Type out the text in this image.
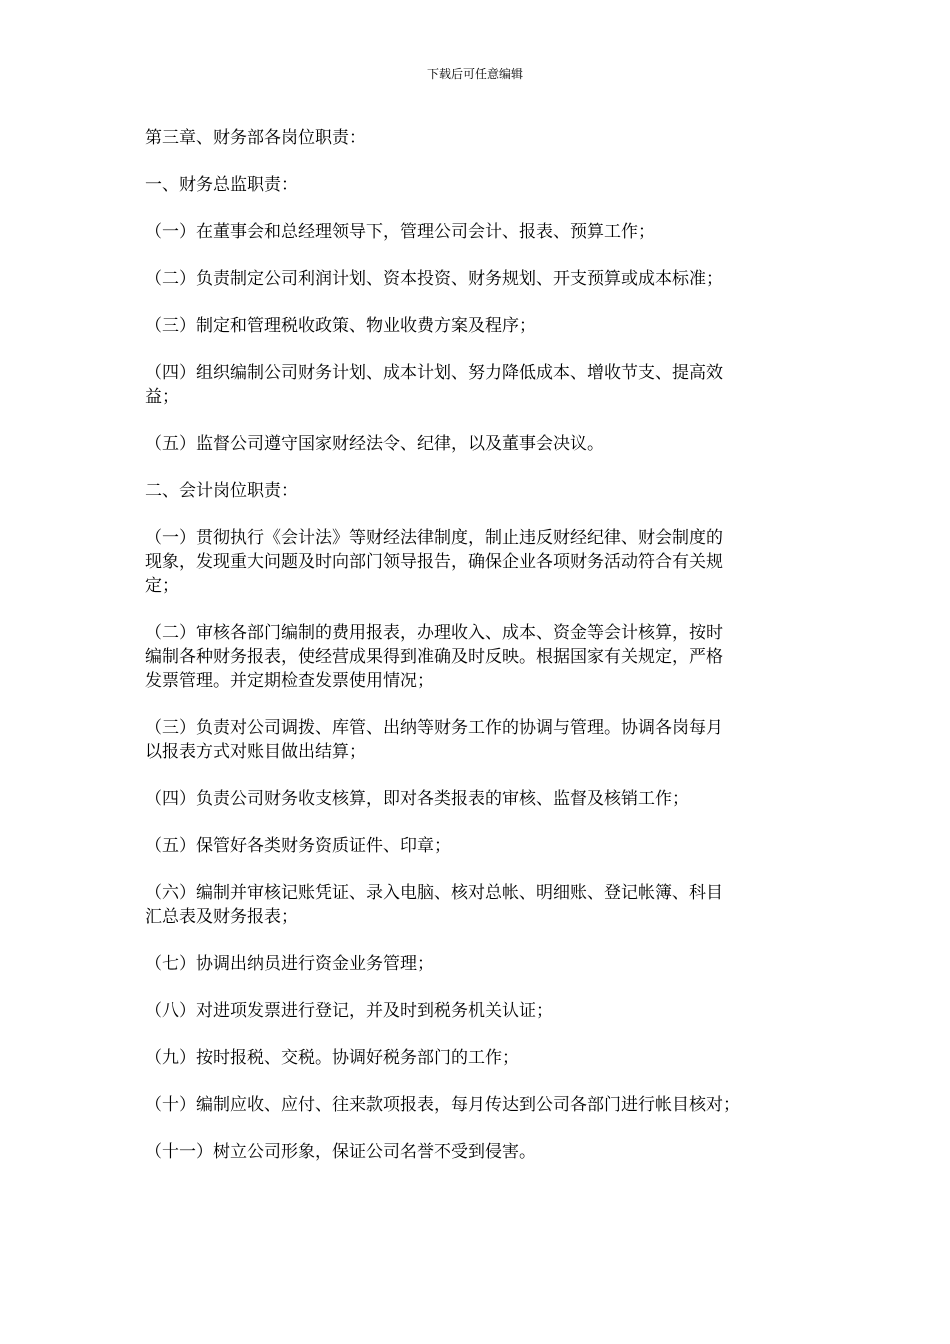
下载后可任意编辑
第三章、财务部各岗位职责：
一、财务总监职责：
（一）在董事会和总经理领导下，管理公司会计、报表、预算工作；
（二）负责制定公司利润计划、资本投资、财务规划、开支预算或成本标准；
（三）制定和管理税收政策、物业收费方案及程序；
（四）组织编制公司财务计划、成本计划、努力降低成本、增收节支、提高效
益；
（五）监督公司遵守国家财经法令、纪律，以及董事会决议。
二、会计岗位职责：
（一）贯彻执行《会计法》等财经法律制度，制止违反财经纪律、财会制度的
现象，发现重大问题及时向部门领导报告，确保企业各项财务活动符合有关规
定；
（二）审核各部门编制的费用报表，办理收入、成本、资金等会计核算，按时
编制各种财务报表，使经营成果得到准确及时反映。根据国家有关规定，严格
发票管理。并定期检查发票使用情况；
（三）负责对公司调拨、库管、出纳等财务工作的协调与管理。协调各岗每月
以报表方式对账目做出结算；
（四）负责公司财务收支核算，即对各类报表的审核、监督及核销工作；
（五）保管好各类财务资质证件、印章；
（六）编制并审核记账凭证、录入电脑、核对总帐、明细账、登记帐簿、科目
汇总表及财务报表；
（七）协调出纳员进行资金业务管理；
（八）对进项发票进行登记，并及时到税务机关认证；
（九）按时报税、交税。协调好税务部门的工作；
（十）编制应收、应付、往来款项报表，每月传达到公司各部门进行帐目核对；
（十一）树立公司形象，保证公司名誉不受到侵害。
